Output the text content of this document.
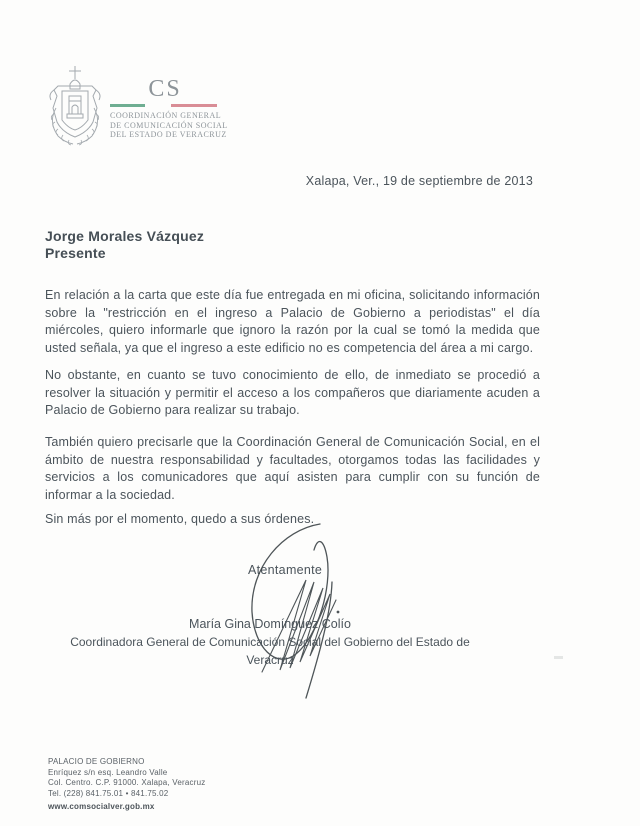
CS
COORDINACIÓN GENERAL
DE COMUNICACIÓN SOCIAL
DEL ESTADO DE VERACRUZ
Xalapa, Ver., 19 de septiembre de 2013
Jorge Morales Vázquez
Presente
En relación a la carta que este día fue entregada en mi oficina, solicitando información sobre la "restricción en el ingreso a Palacio de Gobierno a periodistas" el día miércoles, quiero informarle que ignoro la razón por la cual se tomó la medida que usted señala, ya que el ingreso a este edificio no es competencia del área a mi cargo.
No obstante, en cuanto se tuvo conocimiento de ello, de inmediato se procedió a resolver la situación y permitir el acceso a los compañeros que diariamente acuden a Palacio de Gobierno para realizar su trabajo.
También quiero precisarle que la Coordinación General de Comunicación Social, en el ámbito de nuestra responsabilidad y facultades, otorgamos todas las facilidades y servicios a los comunicadores que aquí asisten para cumplir con su función de informar a la sociedad.
Sin más por el momento, quedo a sus órdenes.
Atentamente
María Gina Domínguez Colío
Coordinadora General de Comunicación Social del Gobierno del Estado de Veracruz
PALACIO DE GOBIERNO
Enríquez s/n esq. Leandro Valle
Col. Centro. C.P. 91000. Xalapa, Veracruz
Tel. (228) 841.75.01 • 841.75.02
www.comsocialver.gob.mx
